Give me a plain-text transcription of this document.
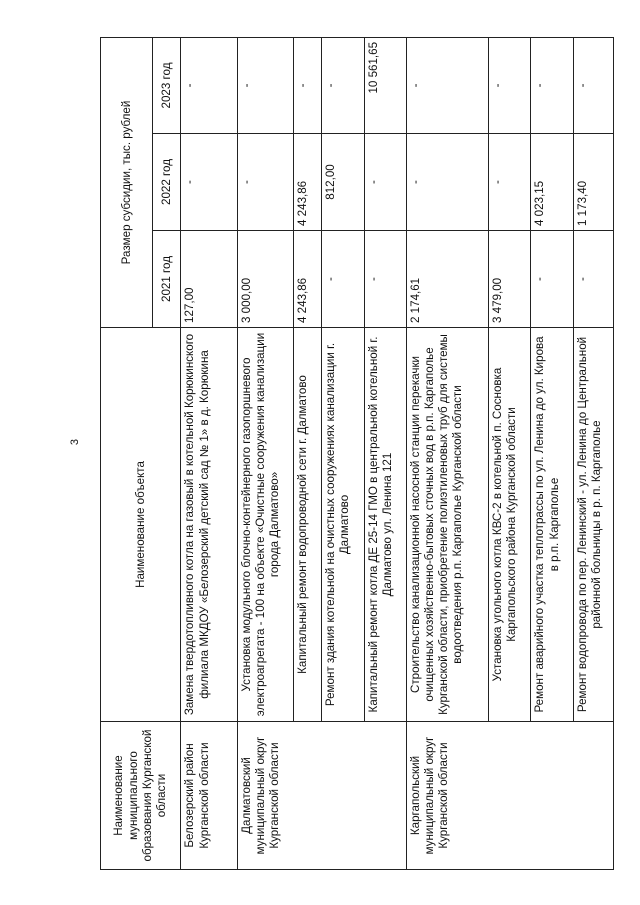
3
Наименование муниципального образования Курганской области	Наименование объекта	Размер субсидии, тыс. рублей		
		2021 год	2022 год	2023 год
Белозерский район Курганской области	Замена твердотопливного котла на газовый в котельной Корюкинского филиала МКДОУ «Белозерский детский сад № 1» в д. Корюкина	127,00	-	-
Далматовский муниципальный округ Курганской области	Установка модульного блочно-контейнерного газопоршневого электроагрегата - 100 на объекте «Очистные сооружения канализации города Далматово»	3 000,00	-	-
	Капитальный ремонт водопроводной сети г. Далматово	4 243,86	4 243,86	-
	Ремонт здания котельной на очистных сооружениях канализации г. Далматово	-	812,00	-
	Капитальный ремонт котла ДЕ 25-14 ГМО в центральной котельной г. Далматово ул. Ленина 121	-	-	10 561,65
Каргапольский муниципальный округ Курганской области	Строительство канализационной насосной станции перекачки очищенных хозяйственно-бытовых сточных вод в р.п. Каргаполье Курганской области, приобретение полиэтиленовых труб для системы водоотведения р.п. Каргаполье Курганской области	2 174,61	-	-
	Установка угольного котла КВС-2 в котельной п. Сосновка Каргапольского района Курганской области	3 479,00	-	-
	Ремонт аварийного участка теплотрассы по ул. Ленина до ул. Кирова в р.п. Каргаполье	-	4 023,15	-
	Ремонт водопровода по пер. Ленинский - ул. Ленина до Центральной районной больницы в р. п. Каргаполье	-	1 173,40	-
